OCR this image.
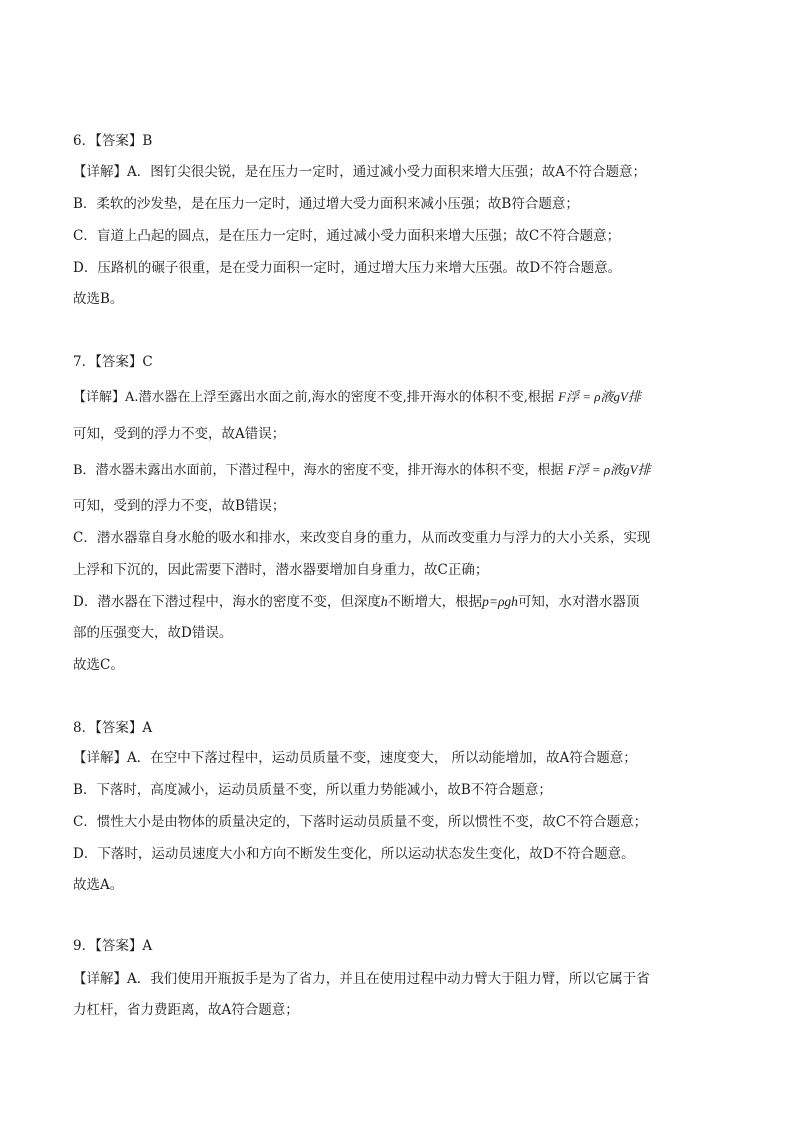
6．【答案】B
【详解】A．图钉尖很尖锐，是在压力一定时，通过减小受力面积来增大压强；故A不符合题意；
B．柔软的沙发垫，是在压力一定时，通过增大受力面积来减小压强；故B符合题意；
C．盲道上凸起的圆点，是在压力一定时，通过减小受力面积来增大压强；故C不符合题意；
D．压路机的碾子很重，是在受力面积一定时，通过增大压力来增大压强。故D不符合题意。
故选B。
7．【答案】C
【详解】A.潜水器在上浮至露出水面之前,海水的密度不变,排开海水的体积不变,根据 F浮 = ρ液gV排
可知，受到的浮力不变，故A错误；
B．潜水器未露出水面前，下潜过程中，海水的密度不变，排开海水的体积不变，根据 F浮 = ρ液gV排
可知，受到的浮力不变，故B错误；
C．潜水器靠自身水舱的吸水和排水，来改变自身的重力，从而改变重力与浮力的大小关系，实现
上浮和下沉的，因此需要下潜时，潜水器要增加自身重力，故C正确；
D．潜水器在下潜过程中，海水的密度不变，但深度h不断增大，根据p=ρgh可知，水对潜水器顶
部的压强变大，故D错误。
故选C。
8．【答案】A
【详解】A．在空中下落过程中，运动员质量不变，速度变大， 所以动能增加，故A符合题意；
B．下落时，高度减小，运动员质量不变，所以重力势能减小，故B不符合题意；
C．惯性大小是由物体的质量决定的，下落时运动员质量不变，所以惯性不变，故C不符合题意；
D．下落时，运动员速度大小和方向不断发生变化，所以运动状态发生变化，故D不符合题意。
故选A。
9．【答案】A
【详解】A．我们使用开瓶扳手是为了省力，并且在使用过程中动力臂大于阻力臂，所以它属于省
力杠杆，省力费距离，故A符合题意；
